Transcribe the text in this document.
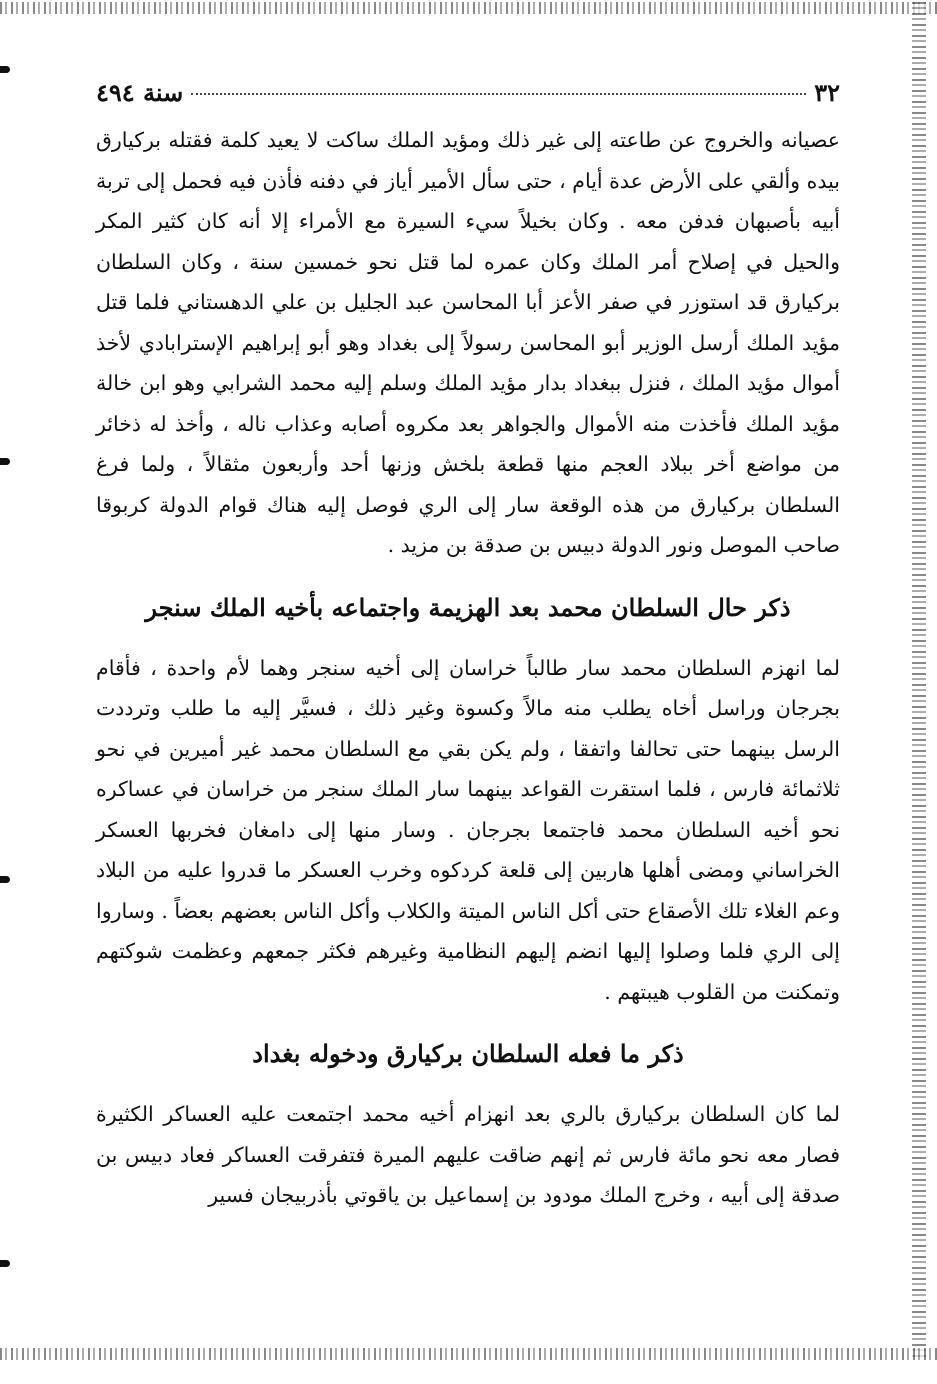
٣٢
سنة ٤٩٤

عصيانه والخروج عن طاعته إلى غير ذلك ومؤيد الملك ساكت لا يعيد كلمة فقتله بركيارق بيده وألقي على الأرض عدة أيام ، حتى سأل الأمير أياز في دفنه فأذن فيه فحمل إلى تربة أبيه بأصبهان فدفن معه . وكان بخيلاً سيء السيرة مع الأمراء إلا أنه كان كثير المكر والحيل في إصلاح أمر الملك وكان عمره لما قتل نحو خمسين سنة ، وكان السلطان بركيارق قد استوزر في صفر الأعز أبا المحاسن عبد الجليل بن علي الدهستاني فلما قتل مؤيد الملك أرسل الوزير أبو المحاسن رسولاً إلى بغداد وهو أبو إبراهيم الإسترابادي لأخذ أموال مؤيد الملك ، فنزل ببغداد بدار مؤيد الملك وسلم إليه محمد الشرابي وهو ابن خالة مؤيد الملك فأخذت منه الأموال والجواهر بعد مكروه أصابه وعذاب ناله ، وأخذ له ذخائر من مواضع أخر ببلاد العجم منها قطعة بلخش وزنها أحد وأربعون مثقالاً ، ولما فرغ السلطان بركيارق من هذه الوقعة سار إلى الري فوصل إليه هناك قوام الدولة كربوقا صاحب الموصل ونور الدولة دبيس بن صدقة بن مزيد .

ذكر حال السلطان محمد بعد الهزيمة واجتماعه بأخيه الملك سنجر

لما انهزم السلطان محمد سار طالباً خراسان إلى أخيه سنجر وهما لأم واحدة ، فأقام بجرجان وراسل أخاه يطلب منه مالاً وكسوة وغير ذلك ، فسيَّر إليه ما طلب وترددت الرسل بينهما حتى تحالفا واتفقا ، ولم يكن بقي مع السلطان محمد غير أميرين في نحو ثلاثمائة فارس ، فلما استقرت القواعد بينهما سار الملك سنجر من خراسان في عساكره نحو أخيه السلطان محمد فاجتمعا بجرجان . وسار منها إلى دامغان فخربها العسكر الخراساني ومضى أهلها هاربين إلى قلعة كردكوه وخرب العسكر ما قدروا عليه من البلاد وعم الغلاء تلك الأصقاع حتى أكل الناس الميتة والكلاب وأكل الناس بعضهم بعضاً . وساروا إلى الري فلما وصلوا إليها انضم إليهم النظامية وغيرهم فكثر جمعهم وعظمت شوكتهم وتمكنت من القلوب هيبتهم .

ذكر ما فعله السلطان بركيارق ودخوله بغداد

لما كان السلطان بركيارق بالري بعد انهزام أخيه محمد اجتمعت عليه العساكر الكثيرة فصار معه نحو مائة فارس ثم إنهم ضاقت عليهم الميرة فتفرقت العساكر فعاد دبيس بن صدقة إلى أبيه ، وخرج الملك مودود بن إسماعيل بن ياقوتي بأذربيجان فسير
